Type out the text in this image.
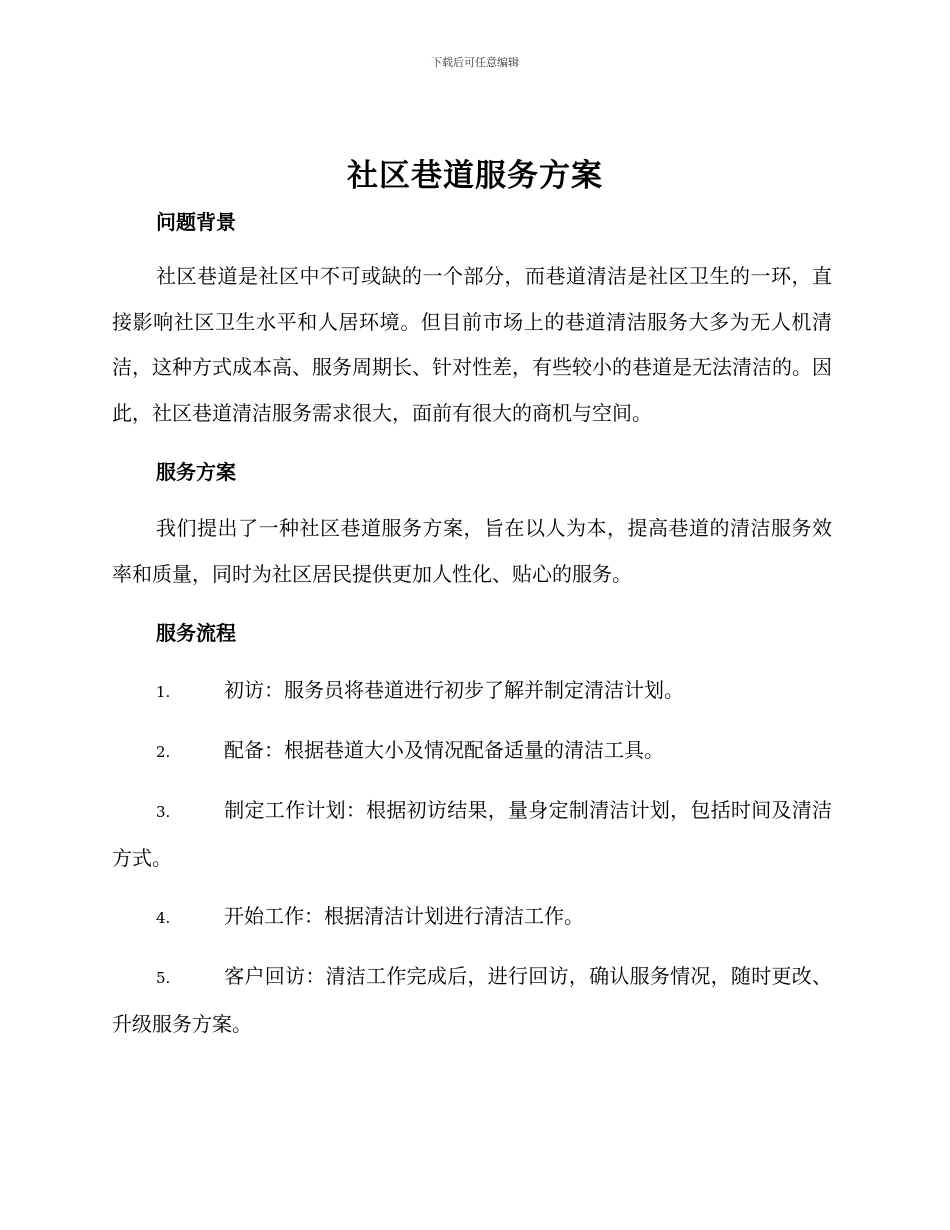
下载后可任意编辑
社区巷道服务方案

问题背景

社区巷道是社区中不可或缺的一个部分，而巷道清洁是社区卫生的一环，直接影响社区卫生水平和人居环境。但目前市场上的巷道清洁服务大多为无人机清洁，这种方式成本高、服务周期长、针对性差，有些较小的巷道是无法清洁的。因此，社区巷道清洁服务需求很大，面前有很大的商机与空间。

服务方案

我们提出了一种社区巷道服务方案，旨在以人为本，提高巷道的清洁服务效率和质量，同时为社区居民提供更加人性化、贴心的服务。

服务流程

1.	初访：服务员将巷道进行初步了解并制定清洁计划。
2.	配备：根据巷道大小及情况配备适量的清洁工具。
3.	制定工作计划：根据初访结果，量身定制清洁计划，包括时间及清洁方式。
4.	开始工作：根据清洁计划进行清洁工作。
5.	客户回访：清洁工作完成后，进行回访，确认服务情况，随时更改、升级服务方案。
